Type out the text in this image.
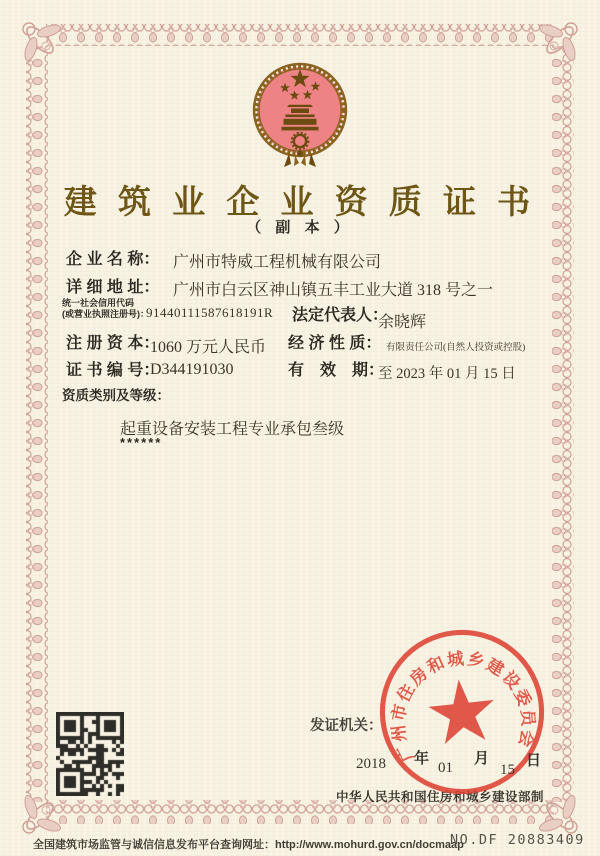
建 筑 业 企 业 资 质 证 书
（ 副 本 ）
企 业 名 称： 广州市特威工程机械有限公司
详 细 地 址： 广州市白云区神山镇五丰工业大道 318 号之一
统一社会信用代码
(或营业执照注册号)：
91440111587618191R 法定代表人：
余晓辉
注 册 资 本：
1060 万元人民币 经 济 性 质： 有限责任公司(自然人投资或控股)
证 书 编 号：
D344191030	有　效　期：
至 2023 年 01 月 15 日
资质类别及等级：
起重设备安装工程专业承包叁级
******
发证机关：
广州市住房和城乡建设委员会
2018 年
01
月
15
日
中华人民共和国住房和城乡建设部制
全国建筑市场监管与诚信信息发布平台查询网址：http://www.mohurd.gov.cn/docmaap
NO.DF 20883409
